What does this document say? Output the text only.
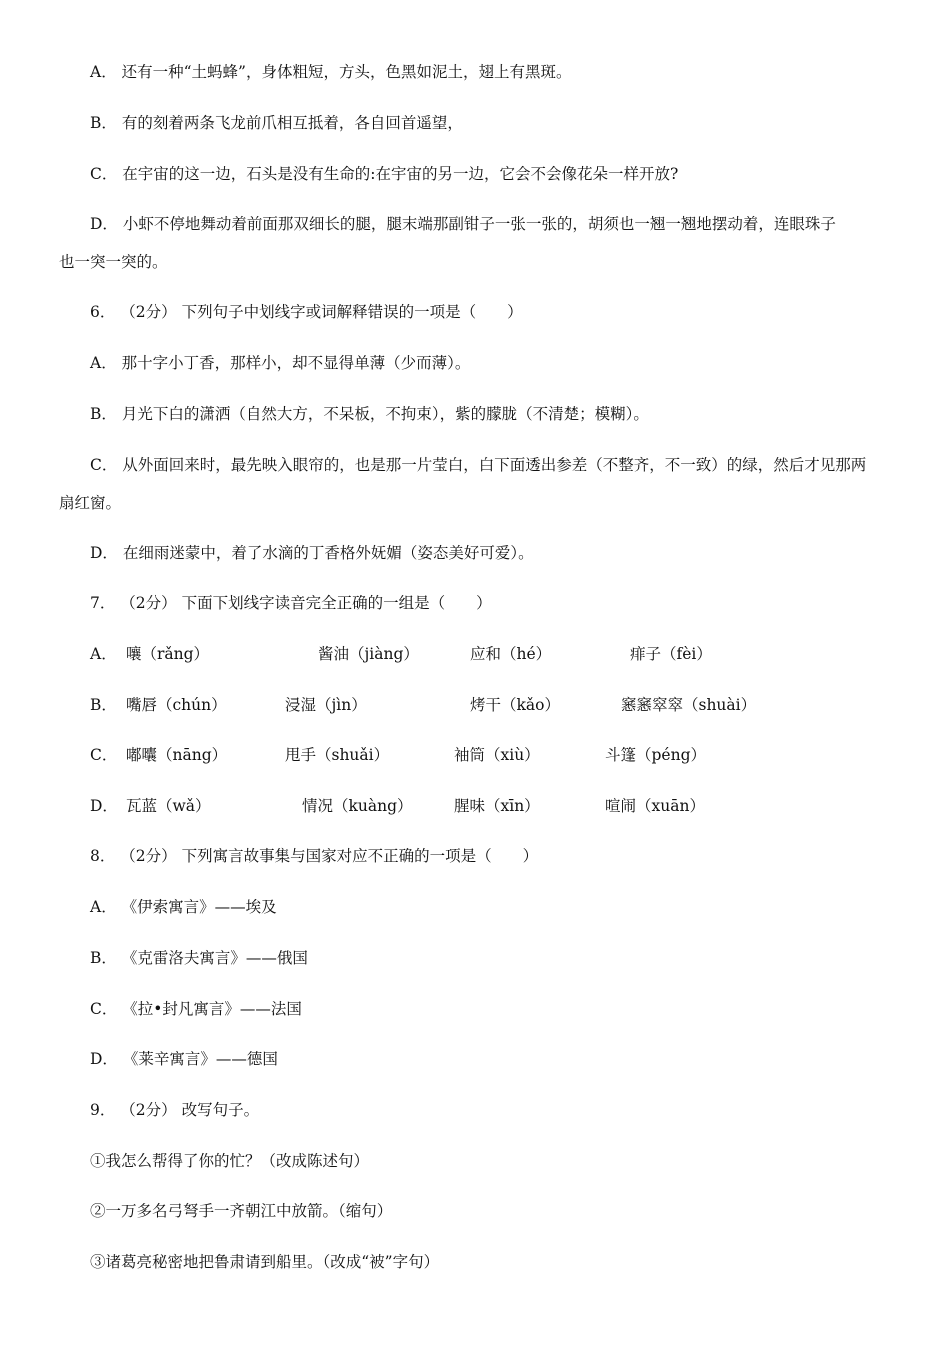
A． 还有一种“土蚂蜂”，身体粗短，方头，色黑如泥土，翅上有黑斑。
B． 有的刻着两条飞龙前爪相互抵着，各自回首遥望，
C． 在宇宙的这一边，石头是没有生命的:在宇宙的另一边，它会不会像花朵一样开放?
D． 小虾不停地舞动着前面那双细长的腿，腿末端那副钳子一张一张的，胡须也一翘一翘地摆动着，连眼珠子
也一突一突的。
6． （2分） 下列句子中划线字或词解释错误的一项是（　　）
A． 那十字小丁香，那样小，却不显得单薄（少而薄）。
B． 月光下白的潇洒（自然大方，不呆板，不拘束），紫的朦胧（不清楚；模糊）。
C． 从外面回来时，最先映入眼帘的，也是那一片莹白，白下面透出参差（不整齐，不一致）的绿，然后才见那两
扇红窗。
D． 在细雨迷蒙中，着了水滴的丁香格外妩媚（姿态美好可爱）。
7． （2分） 下面下划线字读音完全正确的一组是（　　）
A． 嚷（rǎng）	酱油（jiàng）	应和（hé）	痱子（fèi）
B． 嘴唇（chún）	浸湿（jìn）	烤干（kǎo）	窸窸窣窣（shuài）
C． 嘟囔（nāng）	甩手（shuǎi）	袖筒（xiù）	斗篷（péng）
D． 瓦蓝（wǎ）	情况（kuàng）	腥味（xīn）	喧闹（xuān）
8． （2分） 下列寓言故事集与国家对应不正确的一项是（　　）
A． 《伊索寓言》——埃及
B． 《克雷洛夫寓言》——俄国
C． 《拉•封凡寓言》——法国
D． 《莱辛寓言》——德国
9． （2分） 改写句子。
①我怎么帮得了你的忙？（改成陈述句）
②一万多名弓弩手一齐朝江中放箭。（缩句）
③诸葛亮秘密地把鲁肃请到船里。（改成“被”字句）
